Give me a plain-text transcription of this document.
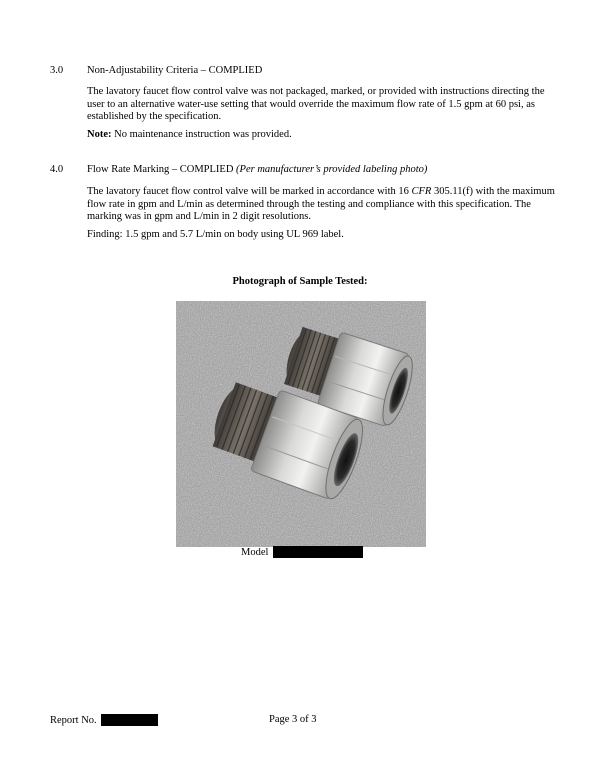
3.0 Non-Adjustability Criteria – COMPLIED
The lavatory faucet flow control valve was not packaged, marked, or provided with instructions directing the user to an alternative water-use setting that would override the maximum flow rate of 1.5 gpm at 60 psi, as established by the specification.
Note: No maintenance instruction was provided.
4.0 Flow Rate Marking – COMPLIED (Per manufacturer’s provided labeling photo)
The lavatory faucet flow control valve will be marked in accordance with 16 CFR 305.11(f) with the maximum flow rate in gpm and L/min as determined through the testing and compliance with this specification. The marking was in gpm and L/min in 2 digit resolutions.
Finding: 1.5 gpm and 5.7 L/min on body using UL 969 label.
Photograph of Sample Tested:
Model
Report No.	Page 3 of 3
